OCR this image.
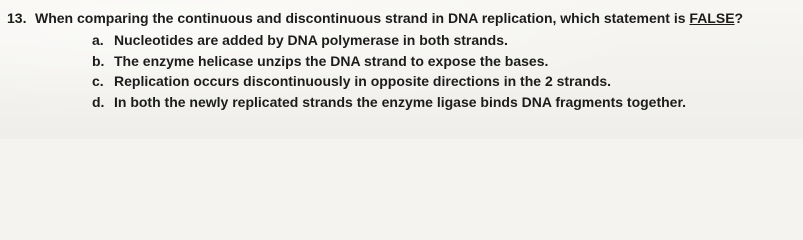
13. When comparing the continuous and discontinuous strand in DNA replication, which statement is FALSE?
a. Nucleotides are added by DNA polymerase in both strands.
b. The enzyme helicase unzips the DNA strand to expose the bases.
c. Replication occurs discontinuously in opposite directions in the 2 strands.
d. In both the newly replicated strands the enzyme ligase binds DNA fragments together.
